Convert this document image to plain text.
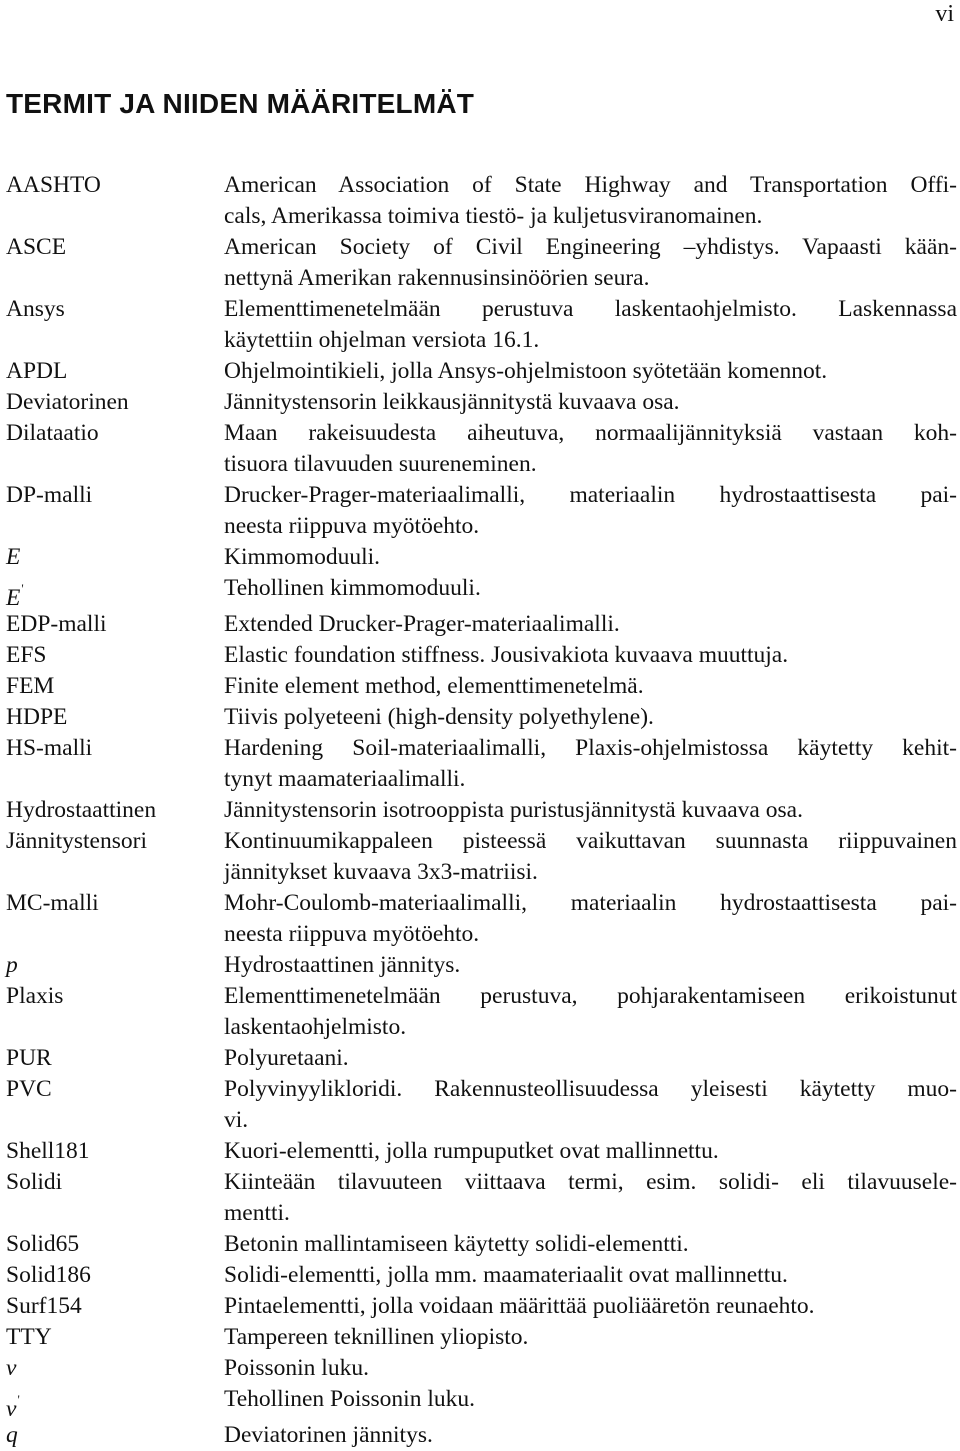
vi
TERMIT JA NIIDEN MÄÄRITELMÄT
AASHTO	American Association of State Highway and Transportation Offi-
cals, Amerikassa toimiva tiestö- ja kuljetusviranomainen.
ASCE	American Society of Civil Engineering –yhdistys. Vapaasti kään-
nettynä Amerikan rakennusinsinöörien seura.
Ansys	Elementtimenetelmään perustuva laskentaohjelmisto. Laskennassa
käytettiin ohjelman versiota 16.1.
APDL	Ohjelmointikieli, jolla Ansys-ohjelmistoon syötetään komennot.
Deviatorinen	Jännitystensorin leikkausjännitystä kuvaava osa.
Dilataatio	Maan rakeisuudesta aiheutuva, normaalijännityksiä vastaan koh-
tisuora tilavuuden suureneminen.
DP-malli	Drucker-Prager-materiaalimalli, materiaalin hydrostaattisesta pai-
neesta riippuva myötöehto.
E	Kimmomoduuli.
E'	Tehollinen kimmomoduuli.
EDP-malli	Extended Drucker-Prager-materiaalimalli.
EFS	Elastic foundation stiffness. Jousivakiota kuvaava muuttuja.
FEM	Finite element method, elementtimenetelmä.
HDPE	Tiivis polyeteeni (high-density polyethylene).
HS-malli	Hardening Soil-materiaalimalli, Plaxis-ohjelmistossa käytetty kehit-
tynyt maamateriaalimalli.
Hydrostaattinen	Jännitystensorin isotrooppista puristusjännitystä kuvaava osa.
Jännitystensori	Kontinuumikappaleen pisteessä vaikuttavan suunnasta riippuvainen
jännitykset kuvaava 3x3-matriisi.
MC-malli	Mohr-Coulomb-materiaalimalli, materiaalin hydrostaattisesta pai-
neesta riippuva myötöehto.
p	Hydrostaattinen jännitys.
Plaxis	Elementtimenetelmään perustuva, pohjarakentamiseen erikoistunut
laskentaohjelmisto.
PUR	Polyuretaani.
PVC	Polyvinyylikloridi. Rakennusteollisuudessa yleisesti käytetty muo-
vi.
Shell181	Kuori-elementti, jolla rumpuputket ovat mallinnettu.
Solidi	Kiinteään tilavuuteen viittaava termi, esim. solidi- eli tilavuusele-
mentti.
Solid65	Betonin mallintamiseen käytetty solidi-elementti.
Solid186	Solidi-elementti, jolla mm. maamateriaalit ovat mallinnettu.
Surf154	Pintaelementti, jolla voidaan määrittää puoliääretön reunaehto.
TTY	Tampereen teknillinen yliopisto.
ν	Poissonin luku.
ν'	Tehollinen Poissonin luku.
q	Deviatorinen jännitys.
